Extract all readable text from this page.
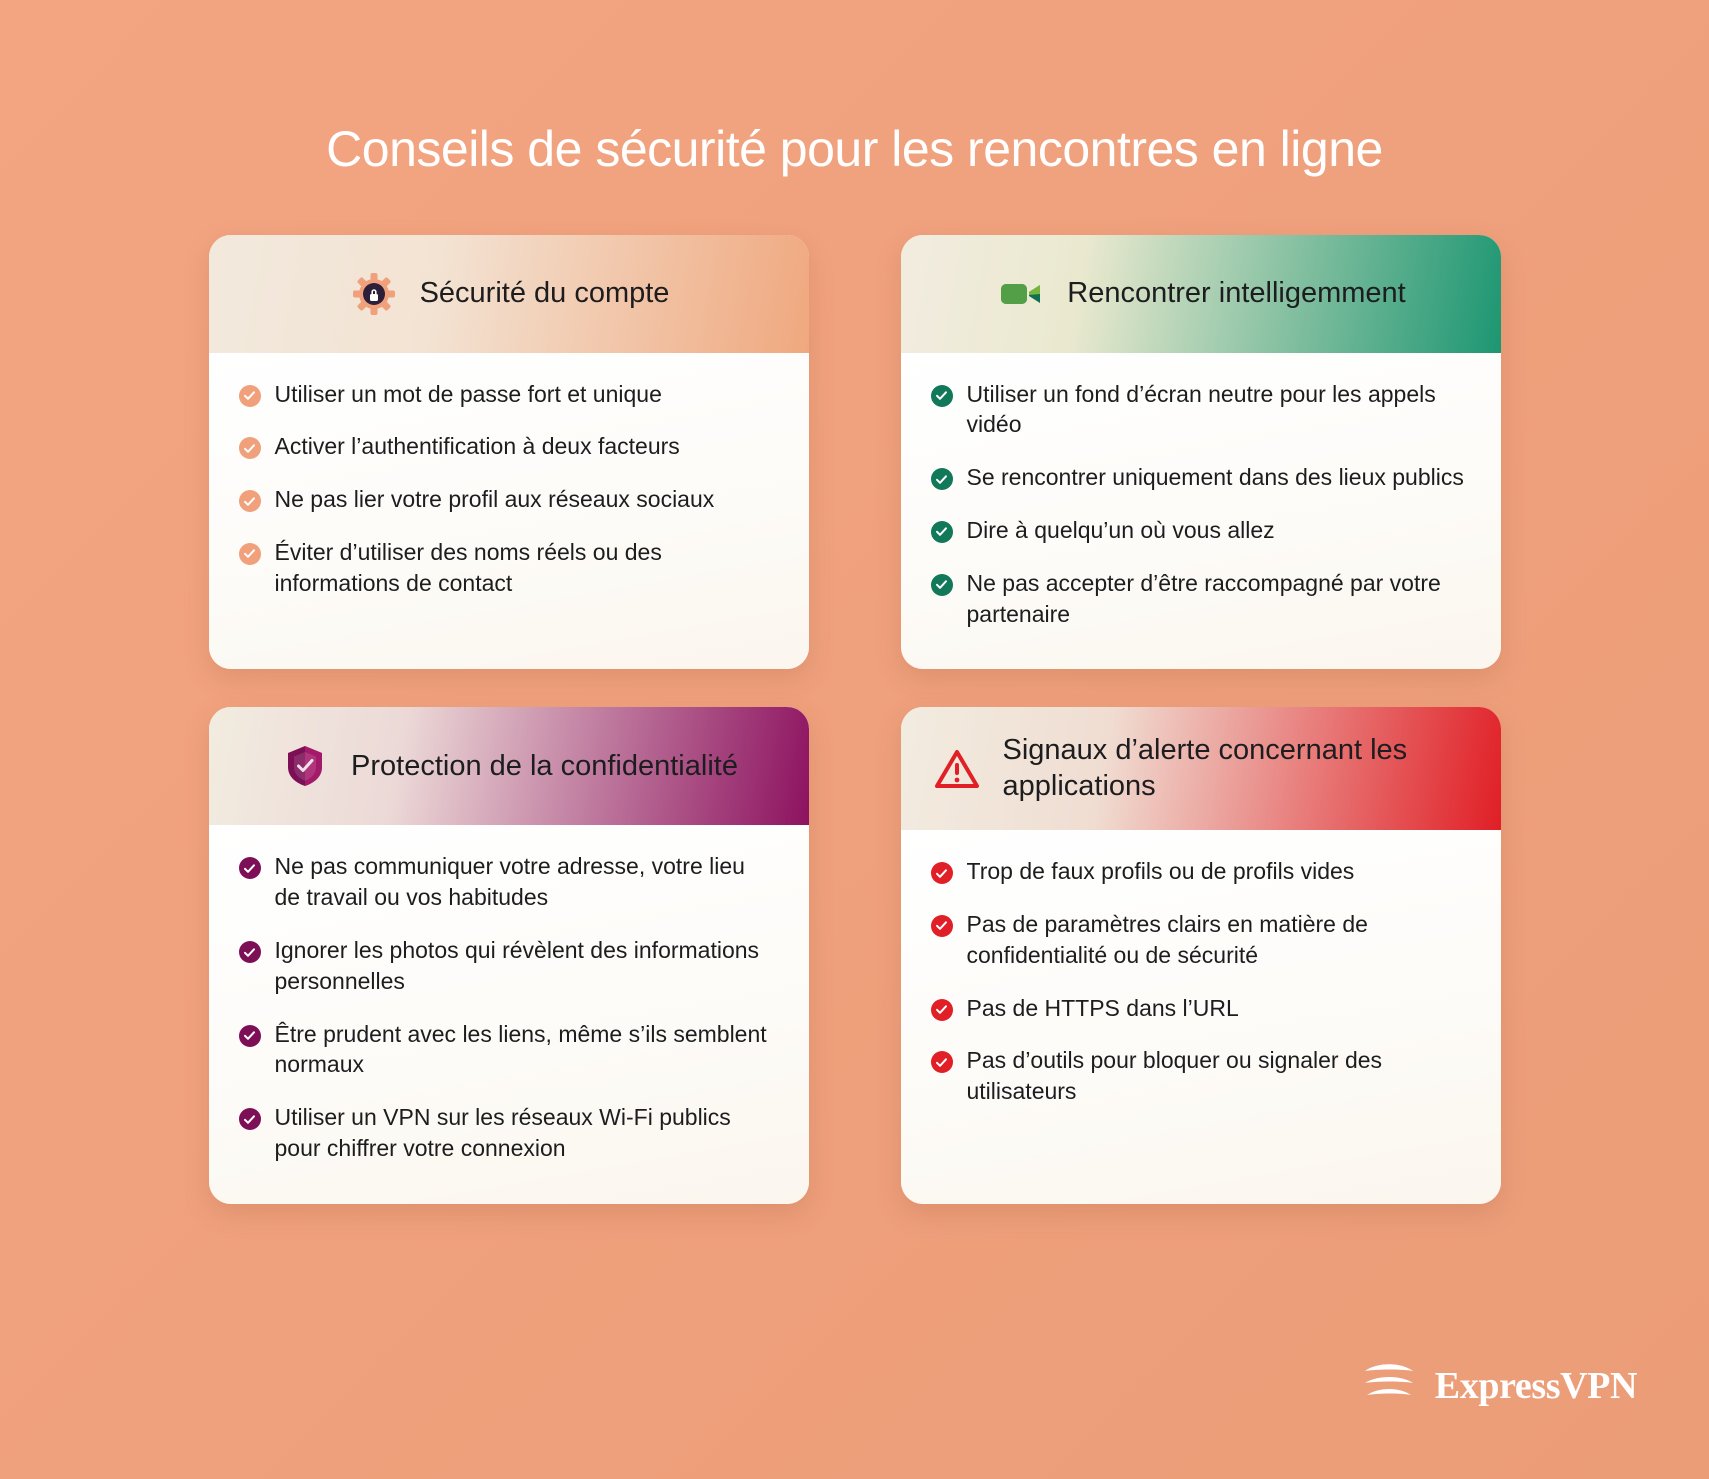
Conseils de sécurité pour les rencontres en ligne
Sécurité du compte
Utiliser un mot de passe fort et unique
Activer l’authentification à deux facteurs
Ne pas lier votre profil aux réseaux sociaux
Éviter d’utiliser des noms réels ou des informations de contact
Rencontrer intelligemment
Utiliser un fond d’écran neutre pour les appels vidéo
Se rencontrer uniquement dans des lieux publics
Dire à quelqu’un où vous allez
Ne pas accepter d’être raccompagné par votre partenaire
Protection de la confidentialité
Ne pas communiquer votre adresse, votre lieu de travail ou vos habitudes
Ignorer les photos qui révèlent des informations personnelles
Être prudent avec les liens, même s’ils semblent normaux
Utiliser un VPN sur les réseaux Wi-Fi publics pour chiffrer votre connexion
Signaux d’alerte concernant les applications
Trop de faux profils ou de profils vides
Pas de paramètres clairs en matière de confidentialité ou de sécurité
Pas de HTTPS dans l’URL
Pas d’outils pour bloquer ou signaler des utilisateurs
ExpressVPN
